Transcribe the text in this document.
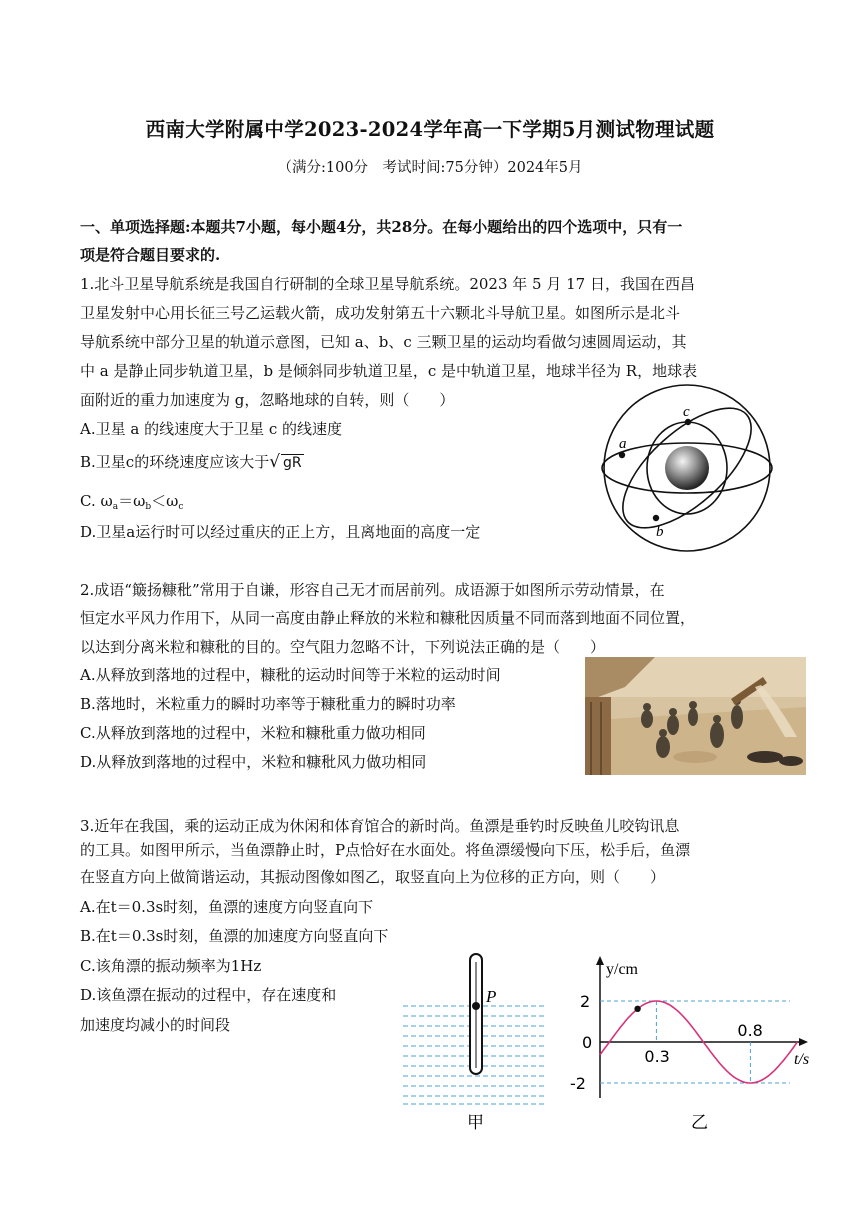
西南大学附属中学2023-2024学年高一下学期5月测试物理试题
（满分:100分　考试时间:75分钟）2024年5月
一、单项选择题:本题共7小题，每小题4分，共28分。在每小题给出的四个选项中，只有一
项是符合题目要求的.
1.北斗卫星导航系统是我国自行研制的全球卫星导航系统。2023 年 5 月 17 日，我国在西昌
卫星发射中心用长征三号乙运载火箭，成功发射第五十六颗北斗导航卫星。如图所示是北斗
导航系统中部分卫星的轨道示意图，已知 a、b、c 三颗卫星的运动均看做匀速圆周运动，其
中 a 是静止同步轨道卫星，b 是倾斜同步轨道卫星，c 是中轨道卫星，地球半径为 R，地球表
面附近的重力加速度为 g，忽略地球的自转，则（　　）
A.卫星 a 的线速度大于卫星 c 的线速度
B.卫星c的环绕速度应该大于√ gR
C. $\omega_a=\omega_b<\omega_c$
D.卫星a运行时可以经过重庆的正上方，且离地面的高度一定
a
c
b
2.成语“簸扬糠秕”常用于自谦，形容自己无才而居前列。成语源于如图所示劳动情景，在
恒定水平风力作用下，从同一高度由静止释放的米粒和糠秕因质量不同而落到地面不同位置，
以达到分离米粒和糠秕的目的。空气阻力忽略不计，下列说法正确的是（　　）
A.从释放到落地的过程中，糠秕的运动时间等于米粒的运动时间
B.落地时，米粒重力的瞬时功率等于糠秕重力的瞬时功率
C.从释放到落地的过程中，米粒和糠秕重力做功相同
D.从释放到落地的过程中，米粒和糠秕风力做功相同
3.近年在我国，乘的运动正成为休闲和体育馆合的新时尚。鱼漂是垂钓时反映鱼儿咬钩讯息
的工具。如图甲所示，当鱼漂静止时，P点恰好在水面处。将鱼漂缓慢向下压，松手后，鱼漂
在竖直方向上做简谐运动，其振动图像如图乙，取竖直向上为位移的正方向，则（　　）
A.在t＝0.3s时刻，鱼漂的速度方向竖直向下
B.在t＝0.3s时刻，鱼漂的加速度方向竖直向下
C.该角漂的振动频率为1Hz
D.该鱼漂在振动的过程中，存在速度和
加速度均减小的时间段
P
甲
y/cm
t/s
2
0
-2
0.3
0.8
乙
